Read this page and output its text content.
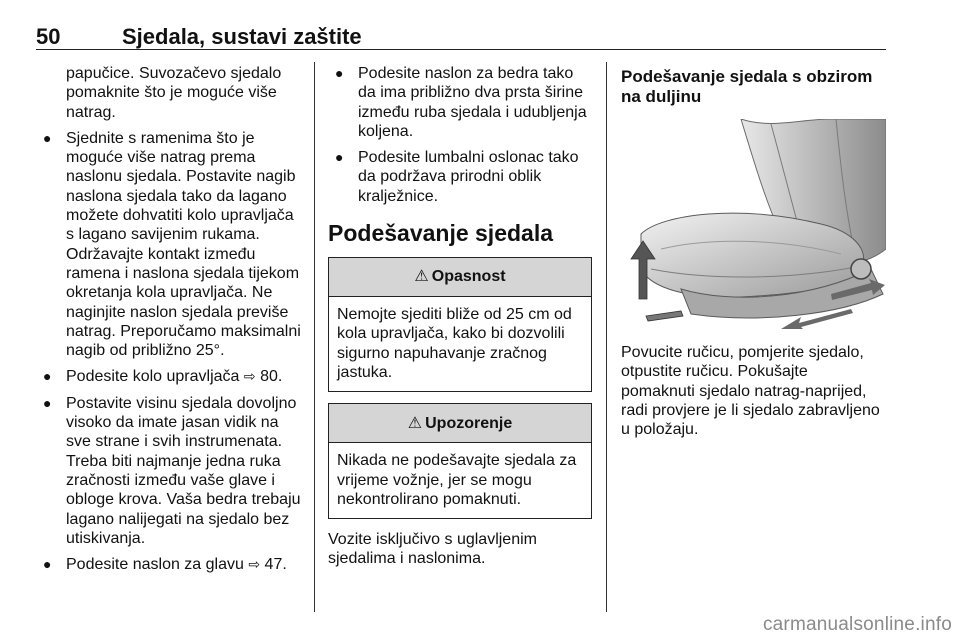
50	Sjedala, sustavi zaštite

papučice. Suvozačevo sjedalo pomaknite što je moguće više natrag.

● Sjednite s ramenima što je moguće više natrag prema naslonu sjedala. Postavite nagib naslona sjedala tako da lagano možete dohvatiti kolo upravljača s lagano savijenim rukama. Održavajte kontakt između ramena i naslona sjedala tijekom okretanja kola upravljača. Ne naginjite naslon sjedala previše natrag. Preporučamo maksimalni nagib od približno 25°.
● Podesite kolo upravljača ⇨ 80.
● Postavite visinu sjedala dovoljno visoko da imate jasan vidik na sve strane i svih instrumenata. Treba biti najmanje jedna ruka zračnosti između vaše glave i obloge krova. Vaša bedra trebaju lagano nalijegati na sjedalo bez utiskivanja.
● Podesite naslon za glavu ⇨ 47.
● Podesite naslon za bedra tako da ima približno dva prsta širine između ruba sjedala i udubljenja koljena.
● Podesite lumbalni oslonac tako da podržava prirodni oblik kralježnice.
Podešavanje sjedala
⚠ Opasnost
Nemojte sjediti bliže od 25 cm od kola upravljača, kako bi dozvolili sigurno napuhavanje zračnog jastuka.
⚠ Upozorenje
Nikada ne podešavajte sjedala za vrijeme vožnje, jer se mogu nekontrolirano pomaknuti.

Vozite isključivo s uglavljenim sjedalima i naslonima.

Podešavanje sjedala s obzirom na duljinu

Povucite ručicu, pomjerite sjedalo, otpustite ručicu. Pokušajte pomaknuti sjedalo natrag-naprijed, radi provjere je li sjedalo zabravljeno u položaju.

carmanualsonline.info
